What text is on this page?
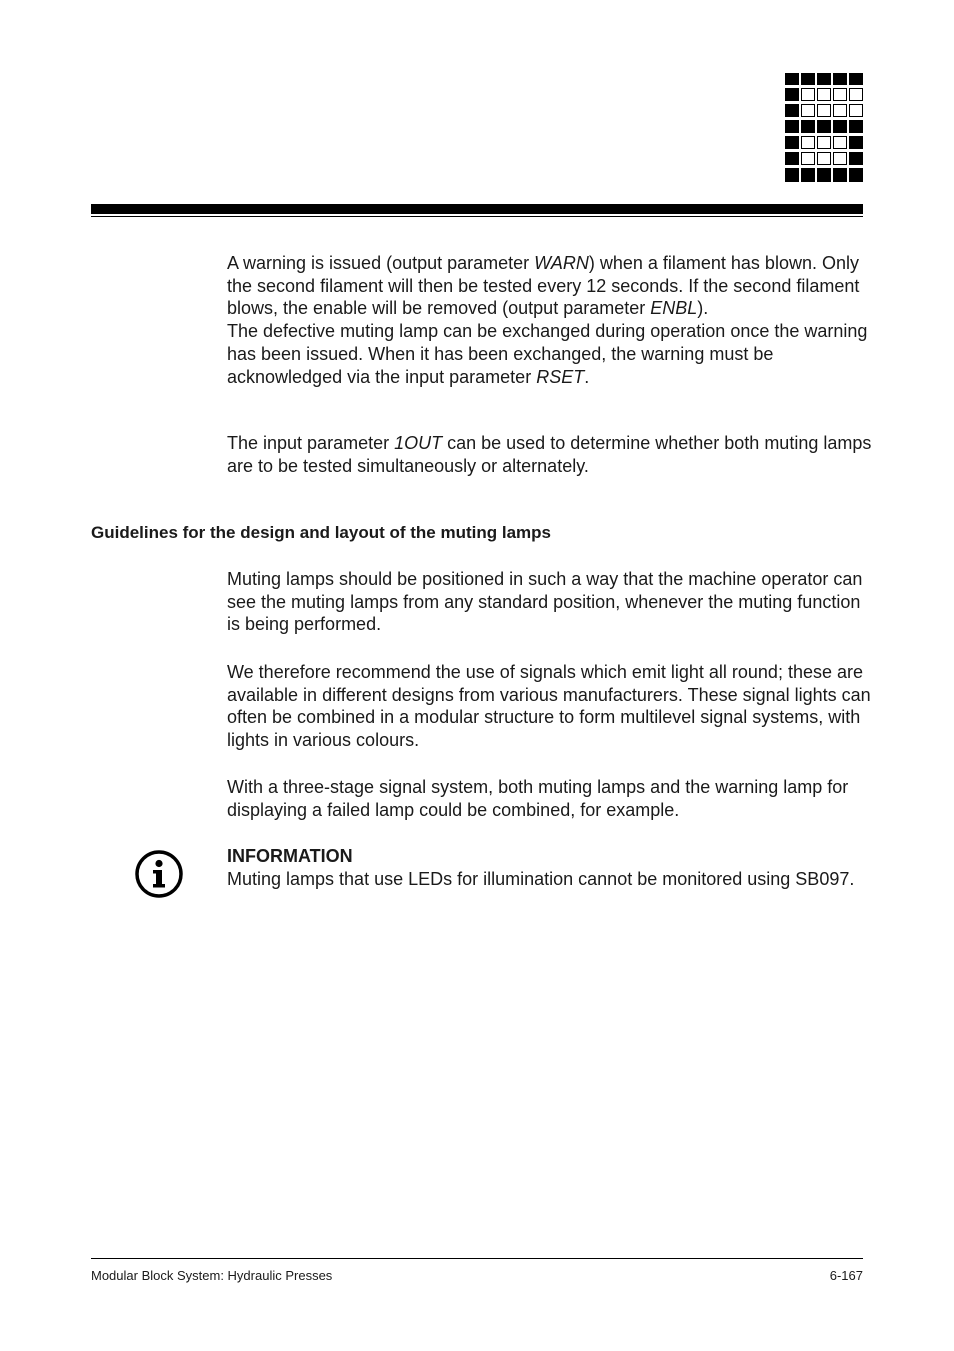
A warning is issued (output parameter WARN) when a filament has blown. Only the second filament will then be tested every 12 seconds. If the second filament blows, the enable will be removed (output parameter ENBL).

The defective muting lamp can be exchanged during operation once the warning has been issued. When it has been exchanged, the warning must be acknowledged via the input parameter RSET.

The input parameter 1OUT can be used to determine whether both muting lamps are to be tested simultaneously or alternately.

Guidelines for the design and layout of the muting lamps

Muting lamps should be positioned in such a way that the machine operator can see the muting lamps from any standard position, whenever the muting function is being performed.

We therefore recommend the use of signals which emit light all round; these are available in different designs from various manufacturers. These signal lights can often be combined in a modular structure to form multilevel signal systems, with lights in various colours.

With a three-stage signal system, both muting lamps and the warning lamp for displaying a failed lamp could be combined, for example.

INFORMATION

Muting lamps that use LEDs for illumination cannot be monitored using SB097.

Modular Block System: Hydraulic Presses	6-167
